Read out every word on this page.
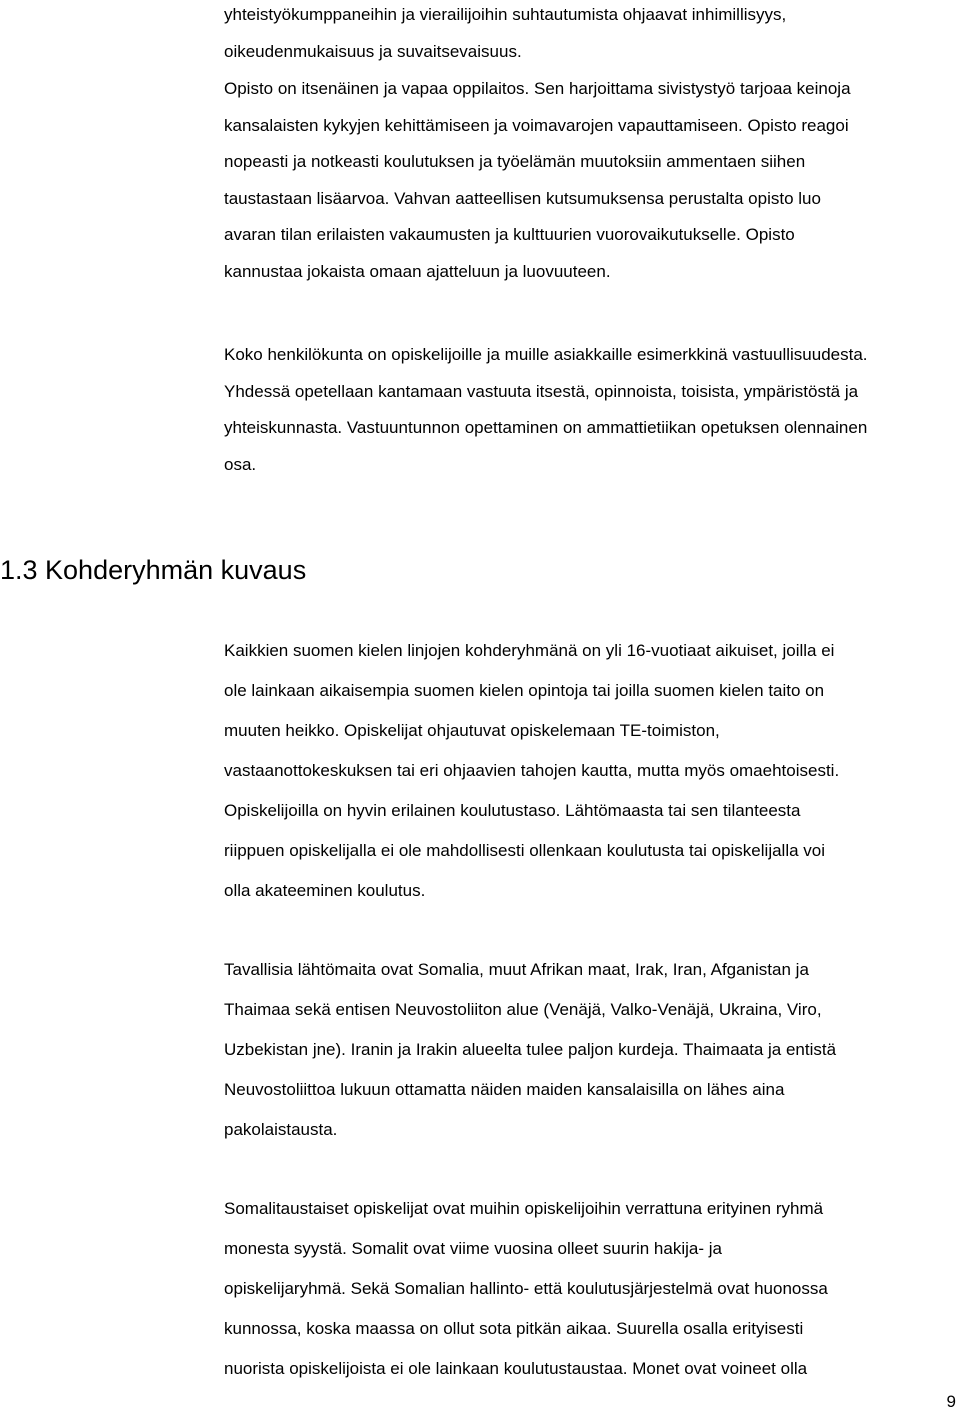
yhteistyökumppaneihin ja vierailijoihin suhtautumista ohjaavat inhimillisyys,
oikeudenmukaisuus ja suvaitsevaisuus.
Opisto on itsenäinen ja vapaa oppilaitos. Sen harjoittama sivistystyö tarjoaa keinoja
kansalaisten kykyjen kehittämiseen ja voimavarojen vapauttamiseen. Opisto reagoi
nopeasti ja notkeasti koulutuksen ja työelämän muutoksiin ammentaen siihen
taustastaan lisäarvoa. Vahvan aatteellisen kutsumuksensa perustalta opisto luo
avaran tilan erilaisten vakaumusten ja kulttuurien vuorovaikutukselle. Opisto
kannustaa jokaista omaan ajatteluun ja luovuuteen.
Koko henkilökunta on opiskelijoille ja muille asiakkaille esimerkkinä vastuullisuudesta.
Yhdessä opetellaan kantamaan vastuuta itsestä, opinnoista, toisista, ympäristöstä ja
yhteiskunnasta. Vastuuntunnon opettaminen on ammattietiikan opetuksen olennainen
osa.
1.3 Kohderyhmän kuvaus
Kaikkien suomen kielen linjojen kohderyhmänä on yli 16-vuotiaat aikuiset, joilla ei
ole lainkaan aikaisempia suomen kielen opintoja tai joilla suomen kielen taito on
muuten heikko. Opiskelijat ohjautuvat opiskelemaan TE-toimiston,
vastaanottokeskuksen tai eri ohjaavien tahojen kautta, mutta myös omaehtoisesti.
Opiskelijoilla on hyvin erilainen koulutustaso. Lähtömaasta tai sen tilanteesta
riippuen opiskelijalla ei ole mahdollisesti ollenkaan koulutusta tai opiskelijalla voi
olla akateeminen koulutus.
Tavallisia lähtömaita ovat Somalia, muut Afrikan maat, Irak, Iran, Afganistan ja
Thaimaa sekä entisen Neuvostoliiton alue (Venäjä, Valko-Venäjä, Ukraina, Viro,
Uzbekistan jne). Iranin ja Irakin alueelta tulee paljon kurdeja. Thaimaata ja entistä
Neuvostoliittoa lukuun ottamatta näiden maiden kansalaisilla on lähes aina
pakolaistausta.
Somalitaustaiset opiskelijat ovat muihin opiskelijoihin verrattuna erityinen ryhmä
monesta syystä. Somalit ovat viime vuosina olleet suurin hakija- ja
opiskelijaryhmä. Sekä Somalian hallinto- että koulutusjärjestelmä ovat huonossa
kunnossa, koska maassa on ollut sota pitkän aikaa. Suurella osalla erityisesti
nuorista opiskelijoista ei ole lainkaan koulutustaustaa. Monet ovat voineet olla
9
